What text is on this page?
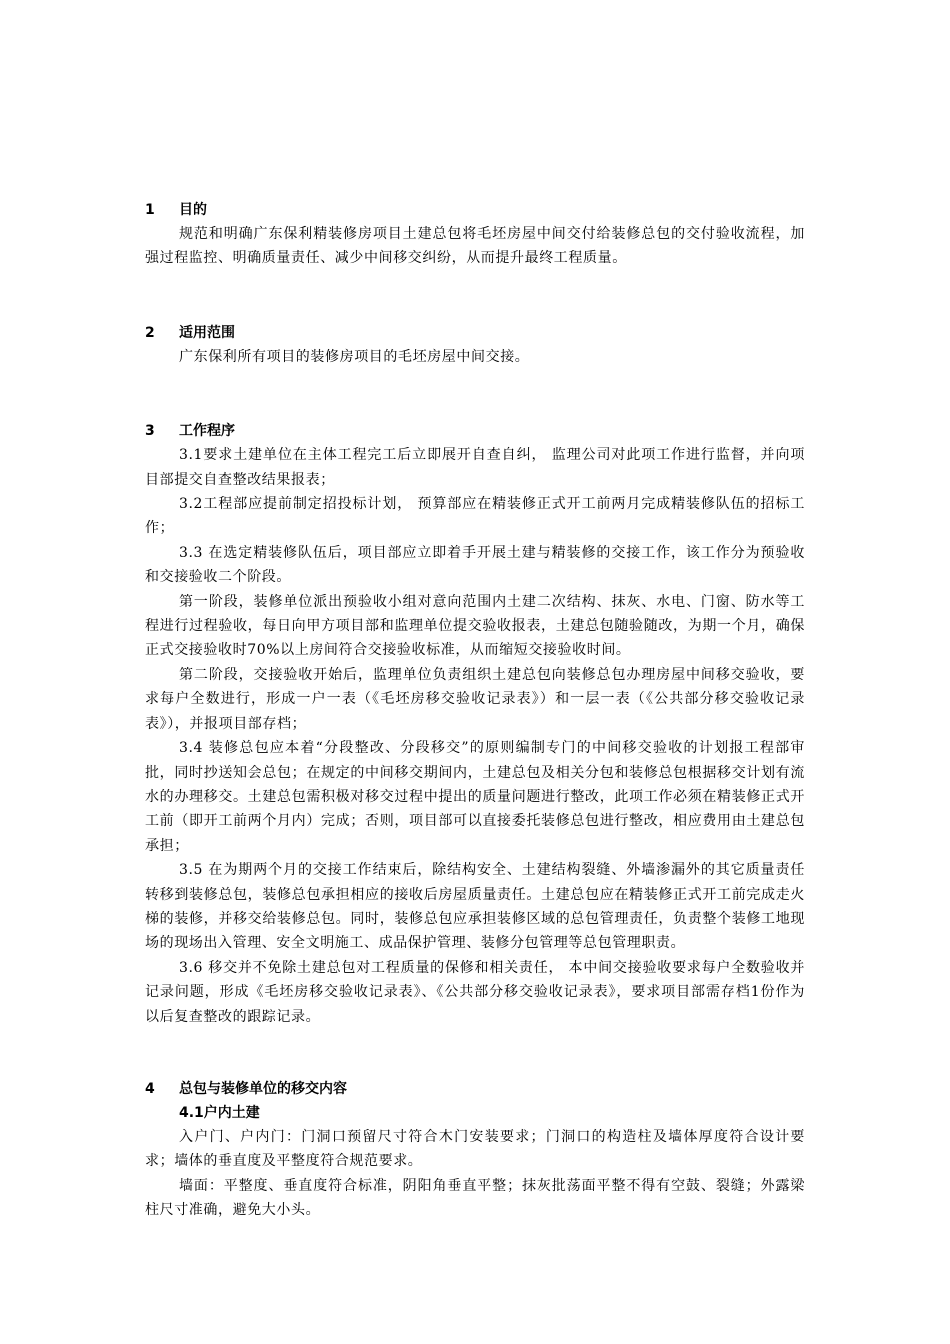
1 目的

规范和明确广东保利精装修房项目土建总包将毛坯房屋中间交付给装修总包的交付验收流程，加强过程监控、明确质量责任、减少中间移交纠纷，从而提升最终工程质量。

2 适用范围

广东保利所有项目的装修房项目的毛坯房屋中间交接。

3 工作程序

3.1要求土建单位在主体工程完工后立即展开自查自纠， 监理公司对此项工作进行监督，并向项目部提交自查整改结果报表；

3.2工程部应提前制定招投标计划， 预算部应在精装修正式开工前两月完成精装修队伍的招标工作；

3.3 在选定精装修队伍后，项目部应立即着手开展土建与精装修的交接工作，该工作分为预验收和交接验收二个阶段。

第一阶段，装修单位派出预验收小组对意向范围内土建二次结构、抹灰、水电、门窗、防水等工程进行过程验收，每日向甲方项目部和监理单位提交验收报表，土建总包随验随改，为期一个月，确保正式交接验收时70%以上房间符合交接验收标准，从而缩短交接验收时间。

第二阶段，交接验收开始后，监理单位负责组织土建总包向装修总包办理房屋中间移交验收，要求每户全数进行，形成一户一表（《毛坯房移交验收记录表》）和一层一表（《公共部分移交验收记录表》），并报项目部存档；

3.4 装修总包应本着“分段整改、分段移交”的原则编制专门的中间移交验收的计划报工程部审批，同时抄送知会总包；在规定的中间移交期间内，土建总包及相关分包和装修总包根据移交计划有流水的办理移交。土建总包需积极对移交过程中提出的质量问题进行整改，此项工作必须在精装修正式开工前（即开工前两个月内）完成；否则，项目部可以直接委托装修总包进行整改，相应费用由土建总包承担；

3.5 在为期两个月的交接工作结束后，除结构安全、土建结构裂缝、外墙渗漏外的其它质量责任转移到装修总包，装修总包承担相应的接收后房屋质量责任。土建总包应在精装修正式开工前完成走火梯的装修，并移交给装修总包。同时，装修总包应承担装修区域的总包管理责任，负责整个装修工地现场的现场出入管理、安全文明施工、成品保护管理、装修分包管理等总包管理职责。

3.6 移交并不免除土建总包对工程质量的保修和相关责任， 本中间交接验收要求每户全数验收并记录问题，形成《毛坯房移交验收记录表》、《公共部分移交验收记录表》，要求项目部需存档1份作为以后复查整改的跟踪记录。

4 总包与装修单位的移交内容
4.1户内土建

入户门、户内门：门洞口预留尺寸符合木门安装要求；门洞口的构造柱及墙体厚度符合设计要求；墙体的垂直度及平整度符合规范要求。

墙面：平整度、垂直度符合标准，阴阳角垂直平整；抹灰批荡面平整不得有空鼓、裂缝；外露梁柱尺寸准确，避免大小头。
